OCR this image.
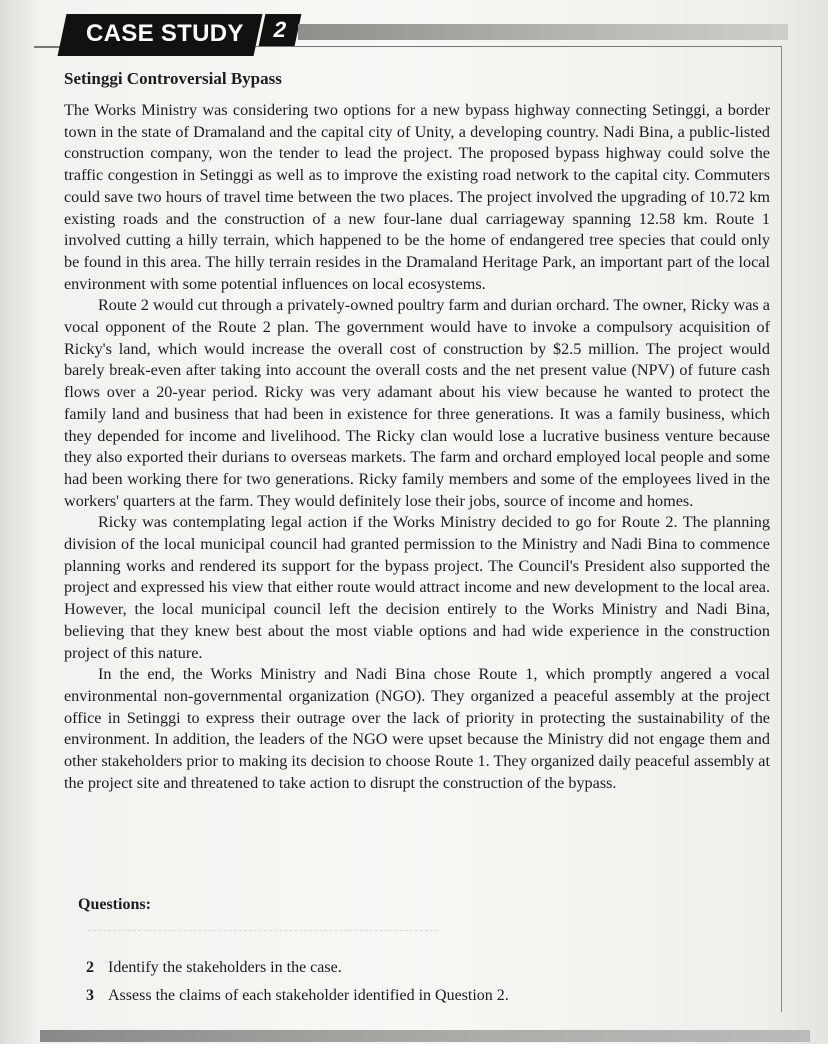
CASE STUDY	2
Setinggi Controversial Bypass

The Works Ministry was considering two options for a new bypass highway connecting Setinggi, a border town in the state of Dramaland and the capital city of Unity, a developing country. Nadi Bina, a public-listed construction company, won the tender to lead the project. The proposed bypass highway could solve the traffic congestion in Setinggi as well as to improve the existing road network to the capital city. Commuters could save two hours of travel time between the two places. The project involved the upgrading of 10.72 km existing roads and the construction of a new four-lane dual carriageway spanning 12.58 km. Route 1 involved cutting a hilly terrain, which happened to be the home of endangered tree species that could only be found in this area. The hilly terrain resides in the Dramaland Heritage Park, an important part of the local environment with some potential influences on local ecosystems.

Route 2 would cut through a privately-owned poultry farm and durian orchard. The owner, Ricky was a vocal opponent of the Route 2 plan. The government would have to invoke a compulsory acquisition of Ricky's land, which would increase the overall cost of construction by $2.5 million. The project would barely break-even after taking into account the overall costs and the net present value (NPV) of future cash flows over a 20-year period. Ricky was very adamant about his view because he wanted to protect the family land and business that had been in existence for three generations. It was a family business, which they depended for income and livelihood. The Ricky clan would lose a lucrative business venture because they also exported their durians to overseas markets. The farm and orchard employed local people and some had been working there for two generations. Ricky family members and some of the employees lived in the workers' quarters at the farm. They would definitely lose their jobs, source of income and homes.

Ricky was contemplating legal action if the Works Ministry decided to go for Route 2. The planning division of the local municipal council had granted permission to the Ministry and Nadi Bina to commence planning works and rendered its support for the bypass project. The Council's President also supported the project and expressed his view that either route would attract income and new development to the local area. However, the local municipal council left the decision entirely to the Works Ministry and Nadi Bina, believing that they knew best about the most viable options and had wide experience in the construction project of this nature.

In the end, the Works Ministry and Nadi Bina chose Route 1, which promptly angered a vocal environmental non-governmental organization (NGO). They organized a peaceful assembly at the project office in Setinggi to express their outrage over the lack of priority in protecting the sustainability of the environment. In addition, the leaders of the NGO were upset because the Ministry did not engage them and other stakeholders prior to making its decision to choose Route 1. They organized daily peaceful assembly at the project site and threatened to take action to disrupt the construction of the bypass.

Questions:
2 Identify the stakeholders in the case.
3 Assess the claims of each stakeholder identified in Question 2.
